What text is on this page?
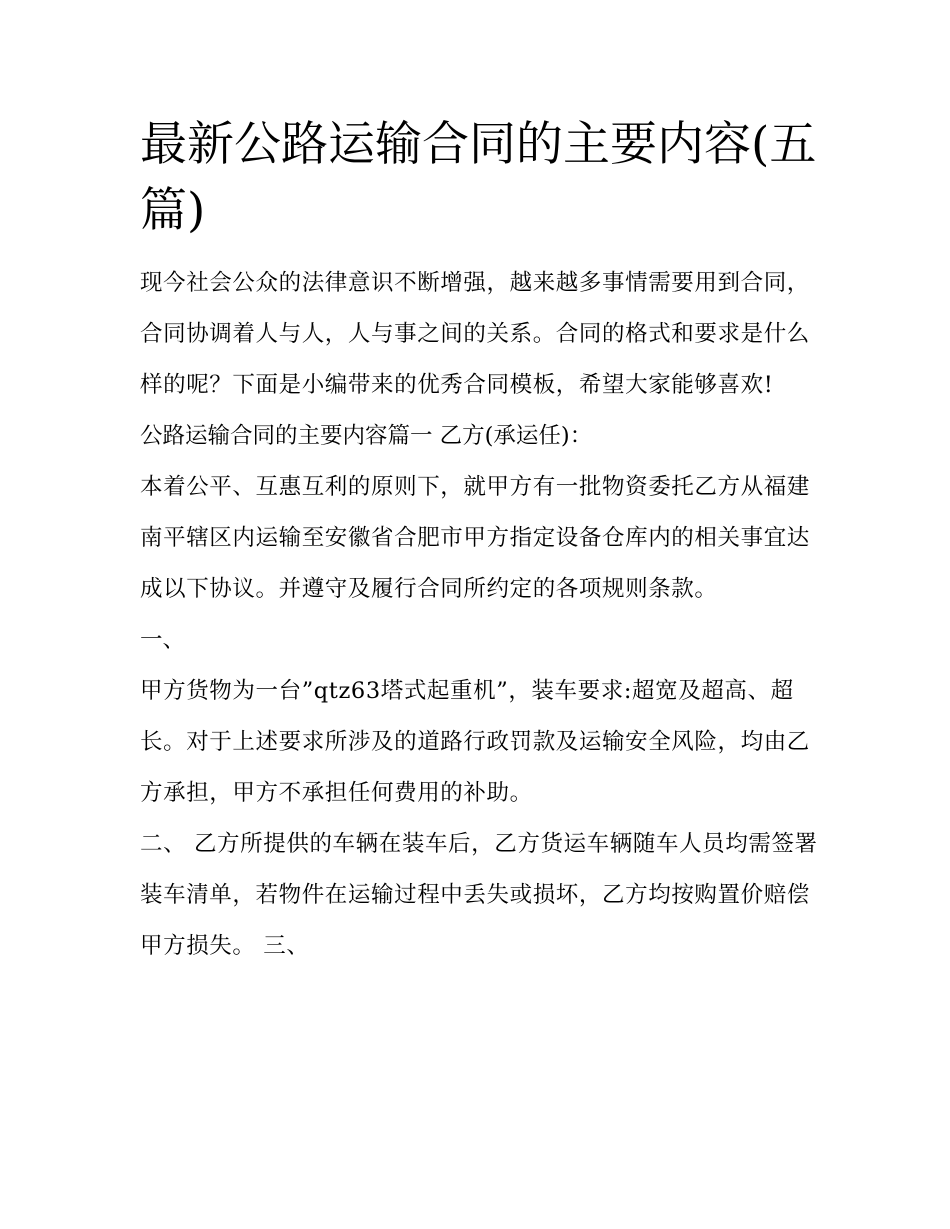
最新公路运输合同的主要内容(五篇)

现今社会公众的法律意识不断增强，越来越多事情需要用到合同，合同协调着人与人，人与事之间的关系。合同的格式和要求是什么样的呢？下面是小编带来的优秀合同模板，希望大家能够喜欢!

公路运输合同的主要内容篇一 乙方(承运任)：

本着公平、互惠互利的原则下，就甲方有一批物资委托乙方从福建南平辖区内运输至安徽省合肥市甲方指定设备仓库内的相关事宜达成以下协议。并遵守及履行合同所约定的各项规则条款。

一、

甲方货物为一台”qtz63塔式起重机”，装车要求:超宽及超高、超长。对于上述要求所涉及的道路行政罚款及运输安全风险，均由乙方承担，甲方不承担任何费用的补助。

二、 乙方所提供的车辆在装车后，乙方货运车辆随车人员均需签署装车清单，若物件在运输过程中丢失或损坏，乙方均按购置价赔偿甲方损失。 三、
